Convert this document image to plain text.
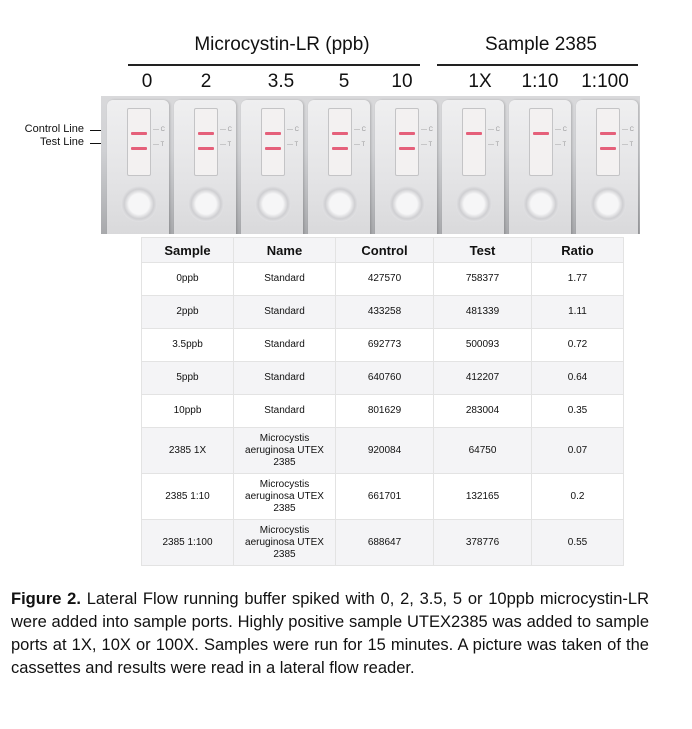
Microcystin-LR (ppb)	Sample 2385
0	2	3.5 5 10	1X 1:10 1:100
Control Line
Test Line
— C
— T
— C
— T
— C
— T
— C
— T
— C
— T
— C
— T
— C
— T
— C
— T
Sample	Name	Control	Test	Ratio
0ppb	Standard	427570	758377	1.77
2ppb	Standard	433258	481339	1.11
3.5ppb	Standard	692773	500093	0.72
5ppb	Standard	640760	412207	0.64
10ppb	Standard	801629	283004	0.35
2385 1X	Microcystis aeruginosa UTEX 2385	920084	64750	0.07
2385 1:10	Microcystis aeruginosa UTEX 2385	661701	132165	0.2
2385 1:100	Microcystis aeruginosa UTEX 2385	688647	378776	0.55
Figure 2. Lateral Flow running buffer spiked with 0, 2, 3.5, 5 or 10ppb microcystin-LR were added into sample ports. Highly positive sample UTEX2385 was added to sample ports at 1X, 10X or 100X. Samples were run for 15 minutes. A picture was taken of the cassettes and results were read in a lateral flow reader.
